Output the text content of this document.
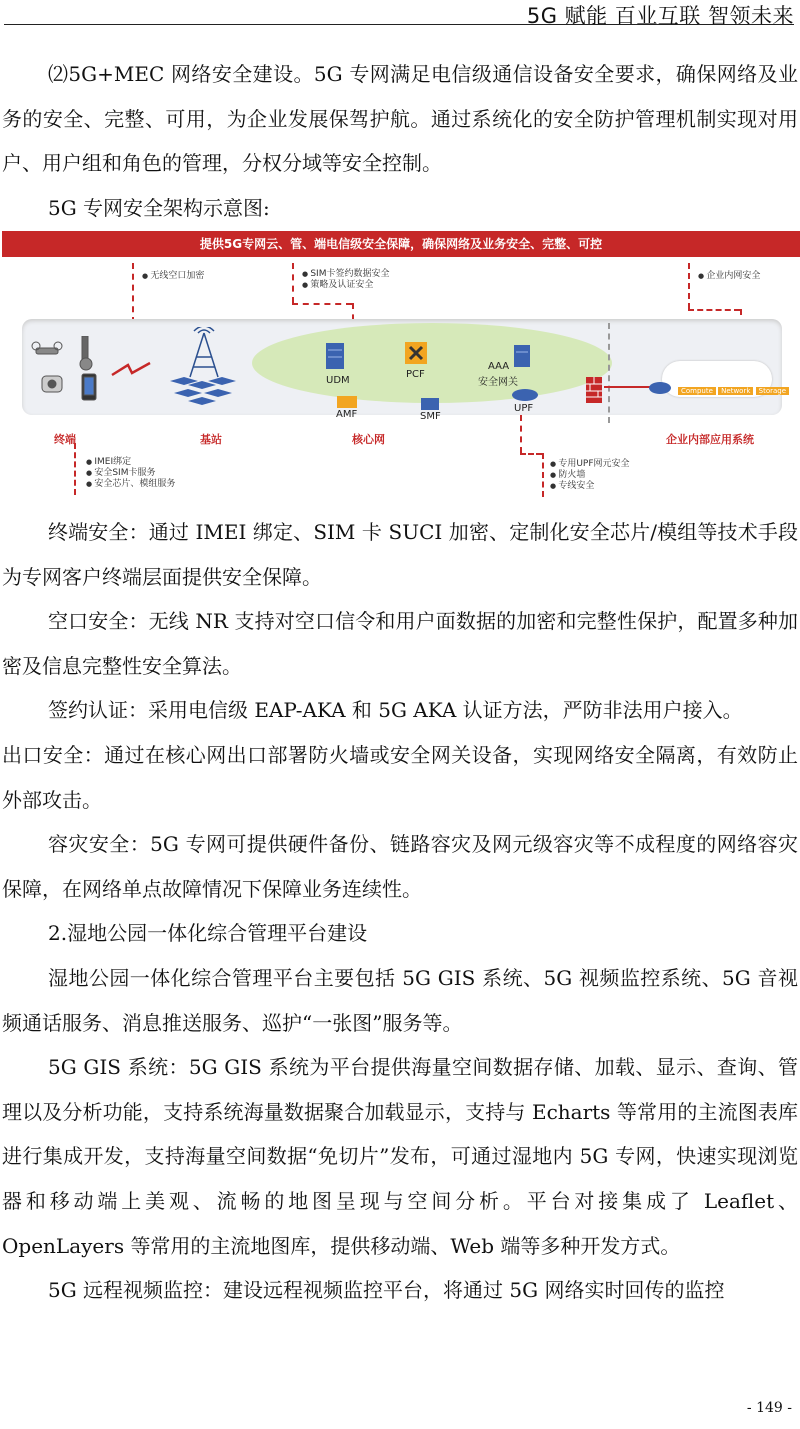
5G 赋能 百业互联 智领未来

⑵5G+MEC 网络安全建设。5G 专网满足电信级通信设备安全要求，确保网络及业务的安全、完整、可用，为企业发展保驾护航。通过系统化的安全防护管理机制实现对用户、用户组和角色的管理，分权分域等安全控制。

5G 专网安全架构示意图:

提供5G专网云、管、端电信级安全保障，确保网络及业务安全、完整、可控
● 无线空口加密
●	SIM卡签约数据安全
● 策略及认证安全
● 企业内网安全
UDM
PCF
AAA
安全网关
AMF	SMF
UPF
Compute Network Storage
终端	基站	核心网	企业内部应用系统
● IMEI绑定
● 安全SIM卡服务
● 安全芯片、模组服务
● 专用UPF网元安全
● 防火墙
● 专线安全

终端安全：通过 IMEI 绑定、SIM 卡 SUCI 加密、定制化安全芯片/模组等技术手段为专网客户终端层面提供安全保障。

空口安全：无线 NR 支持对空口信令和用户面数据的加密和完整性保护，配置多种加密及信息完整性安全算法。

签约认证：采用电信级 EAP-AKA 和 5G AKA 认证方法，严防非法用户接入。

出口安全：通过在核心网出口部署防火墙或安全网关设备，实现网络安全隔离，有效防止外部攻击。

容灾安全：5G 专网可提供硬件备份、链路容灾及网元级容灾等不成程度的网络容灾保障，在网络单点故障情况下保障业务连续性。

2.湿地公园一体化综合管理平台建设

湿地公园一体化综合管理平台主要包括 5G GIS 系统、5G 视频监控系统、5G 音视频通话服务、消息推送服务、巡护“一张图”服务等。

5G GIS 系统：5G GIS 系统为平台提供海量空间数据存储、加载、显示、查询、管理以及分析功能，支持系统海量数据聚合加载显示，支持与 Echarts 等常用的主流图表库进行集成开发，支持海量空间数据“免切片”发布，可通过湿地内 5G 专网，快速实现浏览器和移动端上美观、流畅的地图呈现与空间分析。平台对接集成了 Leaflet、OpenLayers 等常用的主流地图库，提供移动端、Web 端等多种开发方式。

5G 远程视频监控：建设远程视频监控平台，将通过 5G 网络实时回传的监控

- 149 -
